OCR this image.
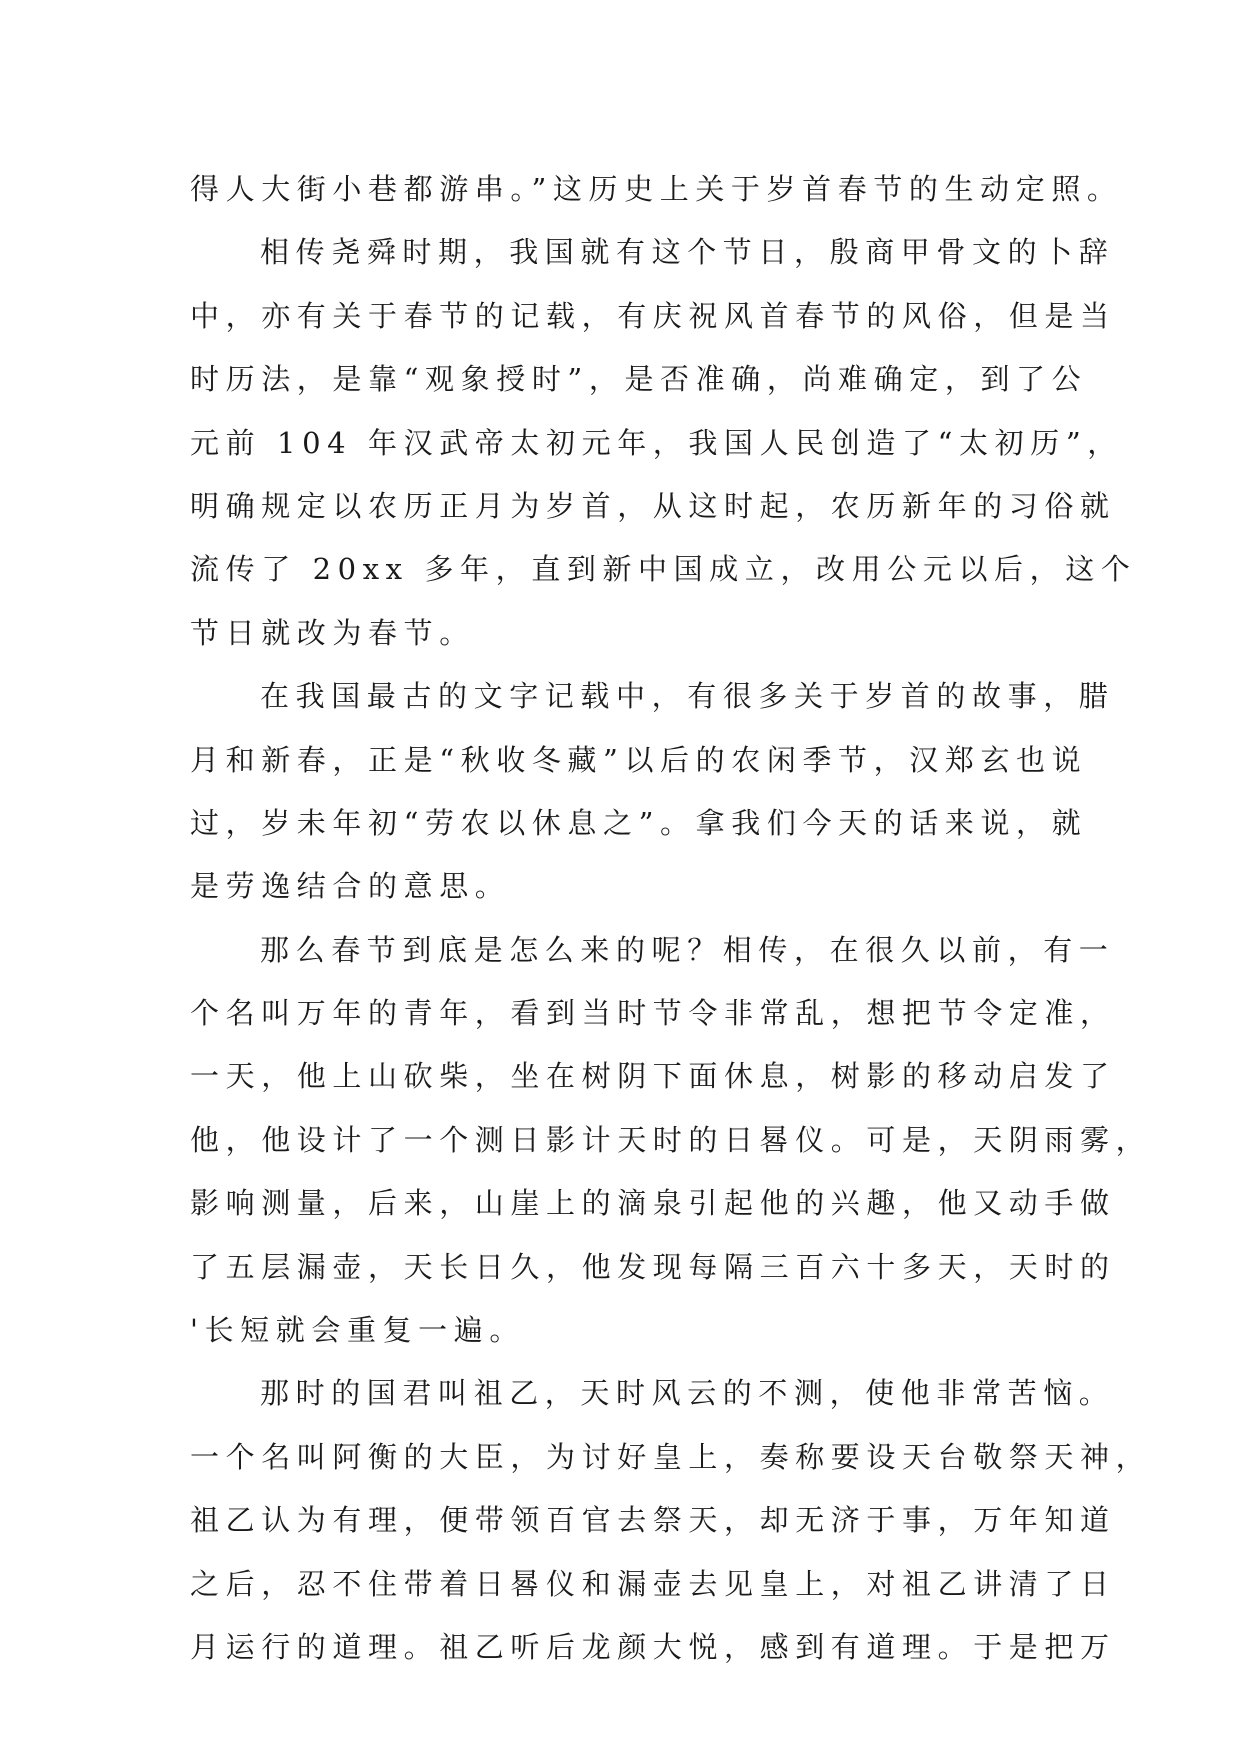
得人大街小巷都游串。”这历史上关于岁首春节的生动定照。
相传尧舜时期，我国就有这个节日，殷商甲骨文的卜辞
中，亦有关于春节的记载，有庆祝风首春节的风俗，但是当
时历法，是靠“观象授时”，是否准确，尚难确定，到了公
元前 104 年汉武帝太初元年，我国人民创造了“太初历”，
明确规定以农历正月为岁首，从这时起，农历新年的习俗就
流传了 20xx 多年，直到新中国成立，改用公元以后，这个
节日就改为春节。
在我国最古的文字记载中，有很多关于岁首的故事，腊
月和新春，正是“秋收冬藏”以后的农闲季节，汉郑玄也说
过，岁未年初“劳农以休息之”。拿我们今天的话来说，就
是劳逸结合的意思。
那么春节到底是怎么来的呢？相传，在很久以前，有一
个名叫万年的青年，看到当时节令非常乱，想把节令定准，
一天，他上山砍柴，坐在树阴下面休息，树影的移动启发了
他，他设计了一个测日影计天时的日晷仪。可是，天阴雨雾，
影响测量，后来，山崖上的滴泉引起他的兴趣，他又动手做
了五层漏壶，天长日久，他发现每隔三百六十多天，天时的
'长短就会重复一遍。
那时的国君叫祖乙，天时风云的不测，使他非常苦恼。
一个名叫阿衡的大臣，为讨好皇上，奏称要设天台敬祭天神，
祖乙认为有理，便带领百官去祭天，却无济于事，万年知道
之后，忍不住带着日晷仪和漏壶去见皇上，对祖乙讲清了日
月运行的道理。祖乙听后龙颜大悦，感到有道理。于是把万
